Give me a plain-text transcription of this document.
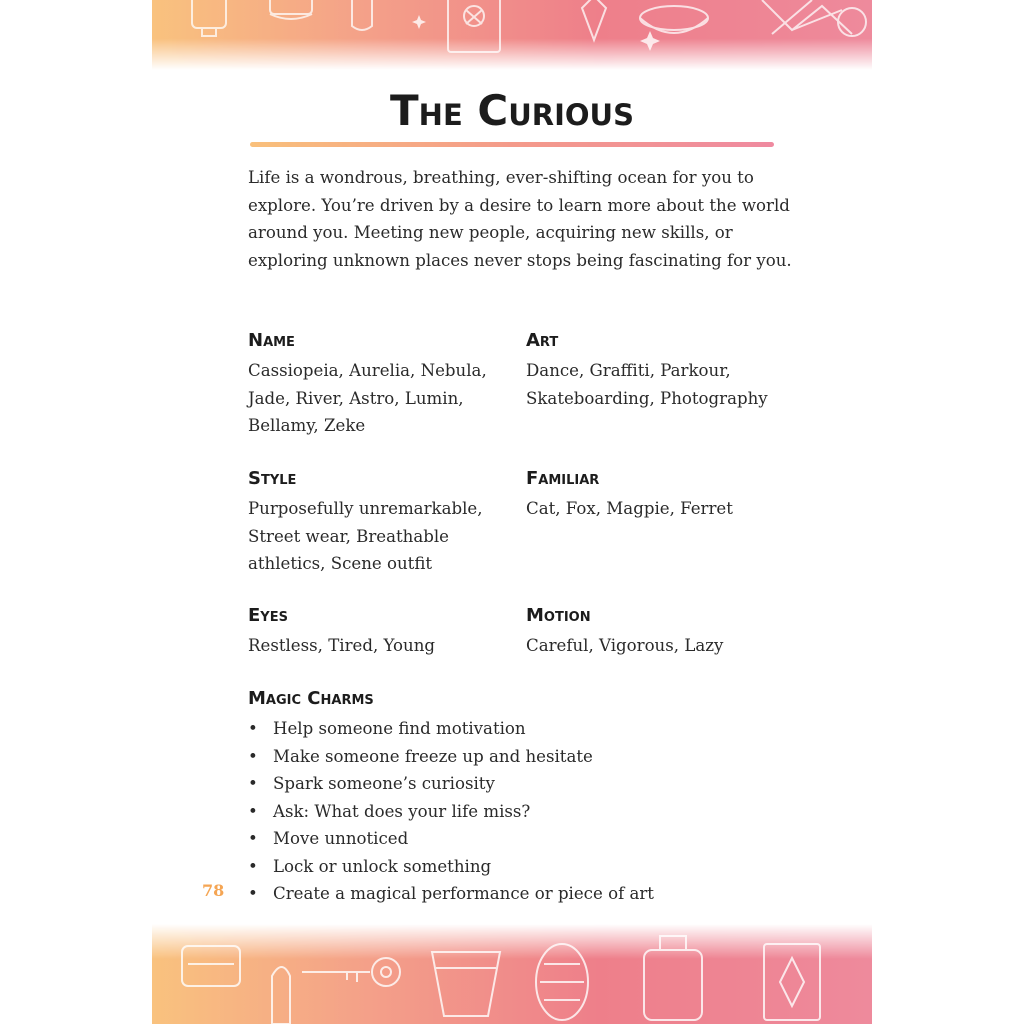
The Curious

Life is a wondrous, breathing, ever-shifting ocean for you to explore. You’re driven by a desire to learn more about the world around you. Meeting new people, acquiring new skills, or exploring unknown places never stops being fascinating for you.

Name

Cassiopeia, Aurelia, Nebula, Jade, River, Astro, Lumin, Bellamy, Zeke

Art

Dance, Graffiti, Parkour, Skateboarding, Photography

Style

Purposefully unremarkable, Street wear, Breathable athletics, Scene outfit

Familiar

Cat, Fox, Magpie, Ferret

Eyes

Restless, Tired, Young

Motion

Careful, Vigorous, Lazy

Magic Charms
• Help someone find motivation
• Make someone freeze up and hesitate
• Spark someone’s curiosity
• Ask: What does your life miss?
• Move unnoticed
• Lock or unlock something
• Create a magical performance or piece of art
78
